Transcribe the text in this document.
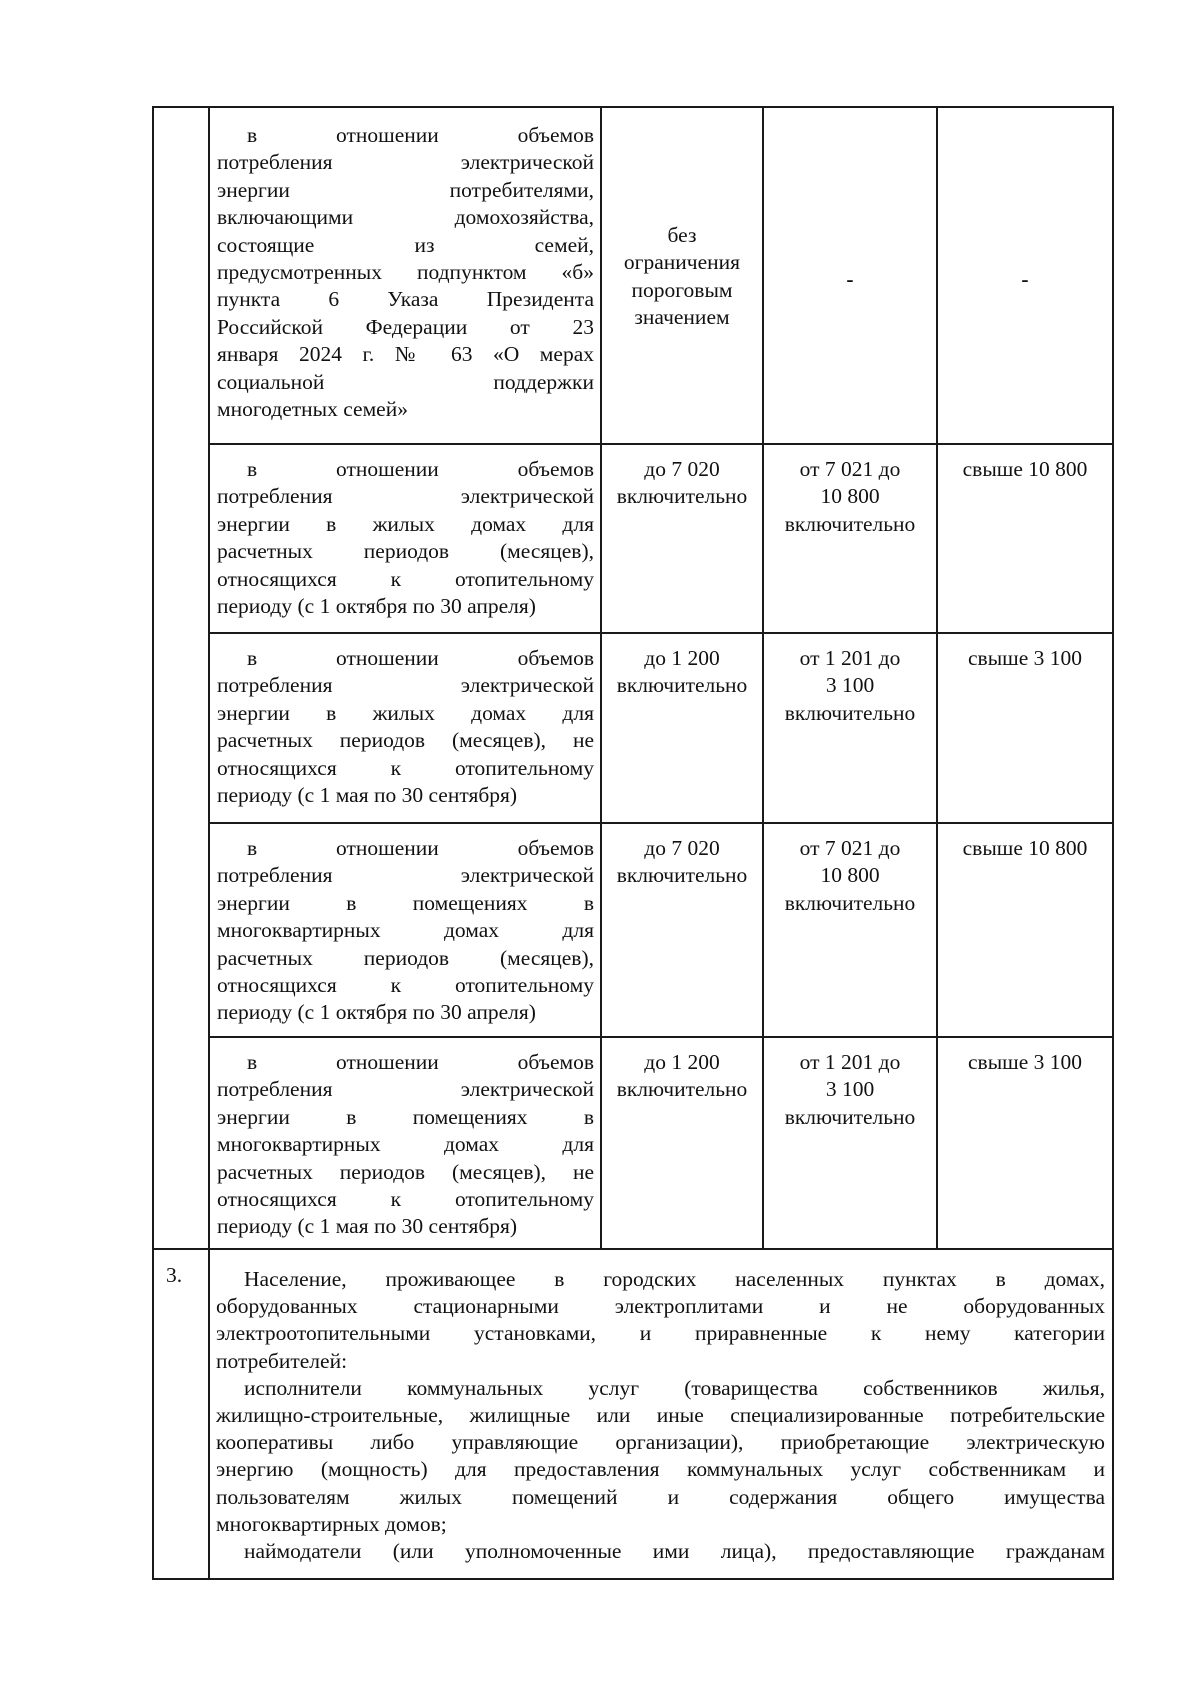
в отношении объемов

потребления электрической

энергии потребителями,

включающими домохозяйства,

состоящие из семей,

предусмотренных подпунктом «б»

пункта 6 Указа Президента

Российской Федерации от 23

января 2024 г. № 63 «О мерах

социальной поддержки

многодетных семей»

без

ограничения

пороговым

значением

-	-

в отношении объемов

потребления электрической

энергии в жилых домах для

расчетных периодов (месяцев),

относящихся к отопительному

периоду (с 1 октября по 30 апреля)

до 7 020

включительно

от 7 021 до

10 800

включительно

свыше 10 800

в отношении объемов

потребления электрической

энергии в жилых домах для

расчетных периодов (месяцев), не

относящихся к отопительному

периоду (с 1 мая по 30 сентября)

до 1 200

включительно

от 1 201 до

3 100

включительно

свыше 3 100

в отношении объемов

потребления электрической

энергии в помещениях в

многоквартирных домах для

расчетных периодов (месяцев),

относящихся к отопительному

периоду (с 1 октября по 30 апреля)

до 7 020

включительно

от 7 021 до

10 800

включительно

свыше 10 800

в отношении объемов

потребления электрической

энергии в помещениях в

многоквартирных домах для

расчетных периодов (месяцев), не

относящихся к отопительному

периоду (с 1 мая по 30 сентября)

до 1 200

включительно

от 1 201 до

3 100

включительно

свыше 3 100

3.	Население, проживающее в городских населенных пунктах в домах,

оборудованных стационарными электроплитами и не оборудованных

электроотопительными установками, и приравненные к нему категории

потребителей:

исполнители коммунальных услуг (товарищества собственников жилья,

жилищно-строительные, жилищные или иные специализированные потребительские

кооперативы либо управляющие организации), приобретающие электрическую

энергию (мощность) для предоставления коммунальных услуг собственникам и

пользователям жилых помещений и содержания общего имущества

многоквартирных домов;

наймодатели (или уполномоченные ими лица), предоставляющие гражданам
